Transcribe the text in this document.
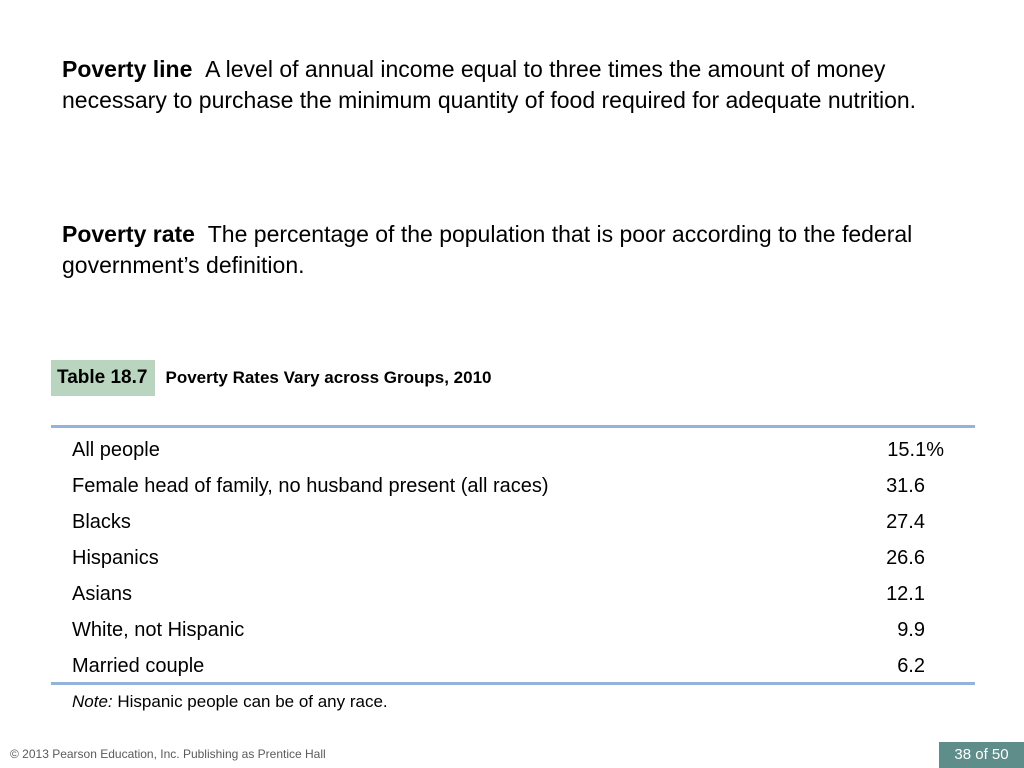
Poverty line A level of annual income equal to three times the amount of money necessary to purchase the minimum quantity of food required for adequate nutrition.
Poverty rate The percentage of the population that is poor according to the federal government’s definition.
Table 18.7	Poverty Rates Vary across Groups, 2010
All people	15.1%
Female head of family, no husband present (all races)	31.6
Blacks	27.4
Hispanics	26.6
Asians	12.1
White, not Hispanic	9.9
Married couple	6.2
Note: Hispanic people can be of any race.
© 2013 Pearson Education, Inc. Publishing as Prentice Hall	38 of 50
